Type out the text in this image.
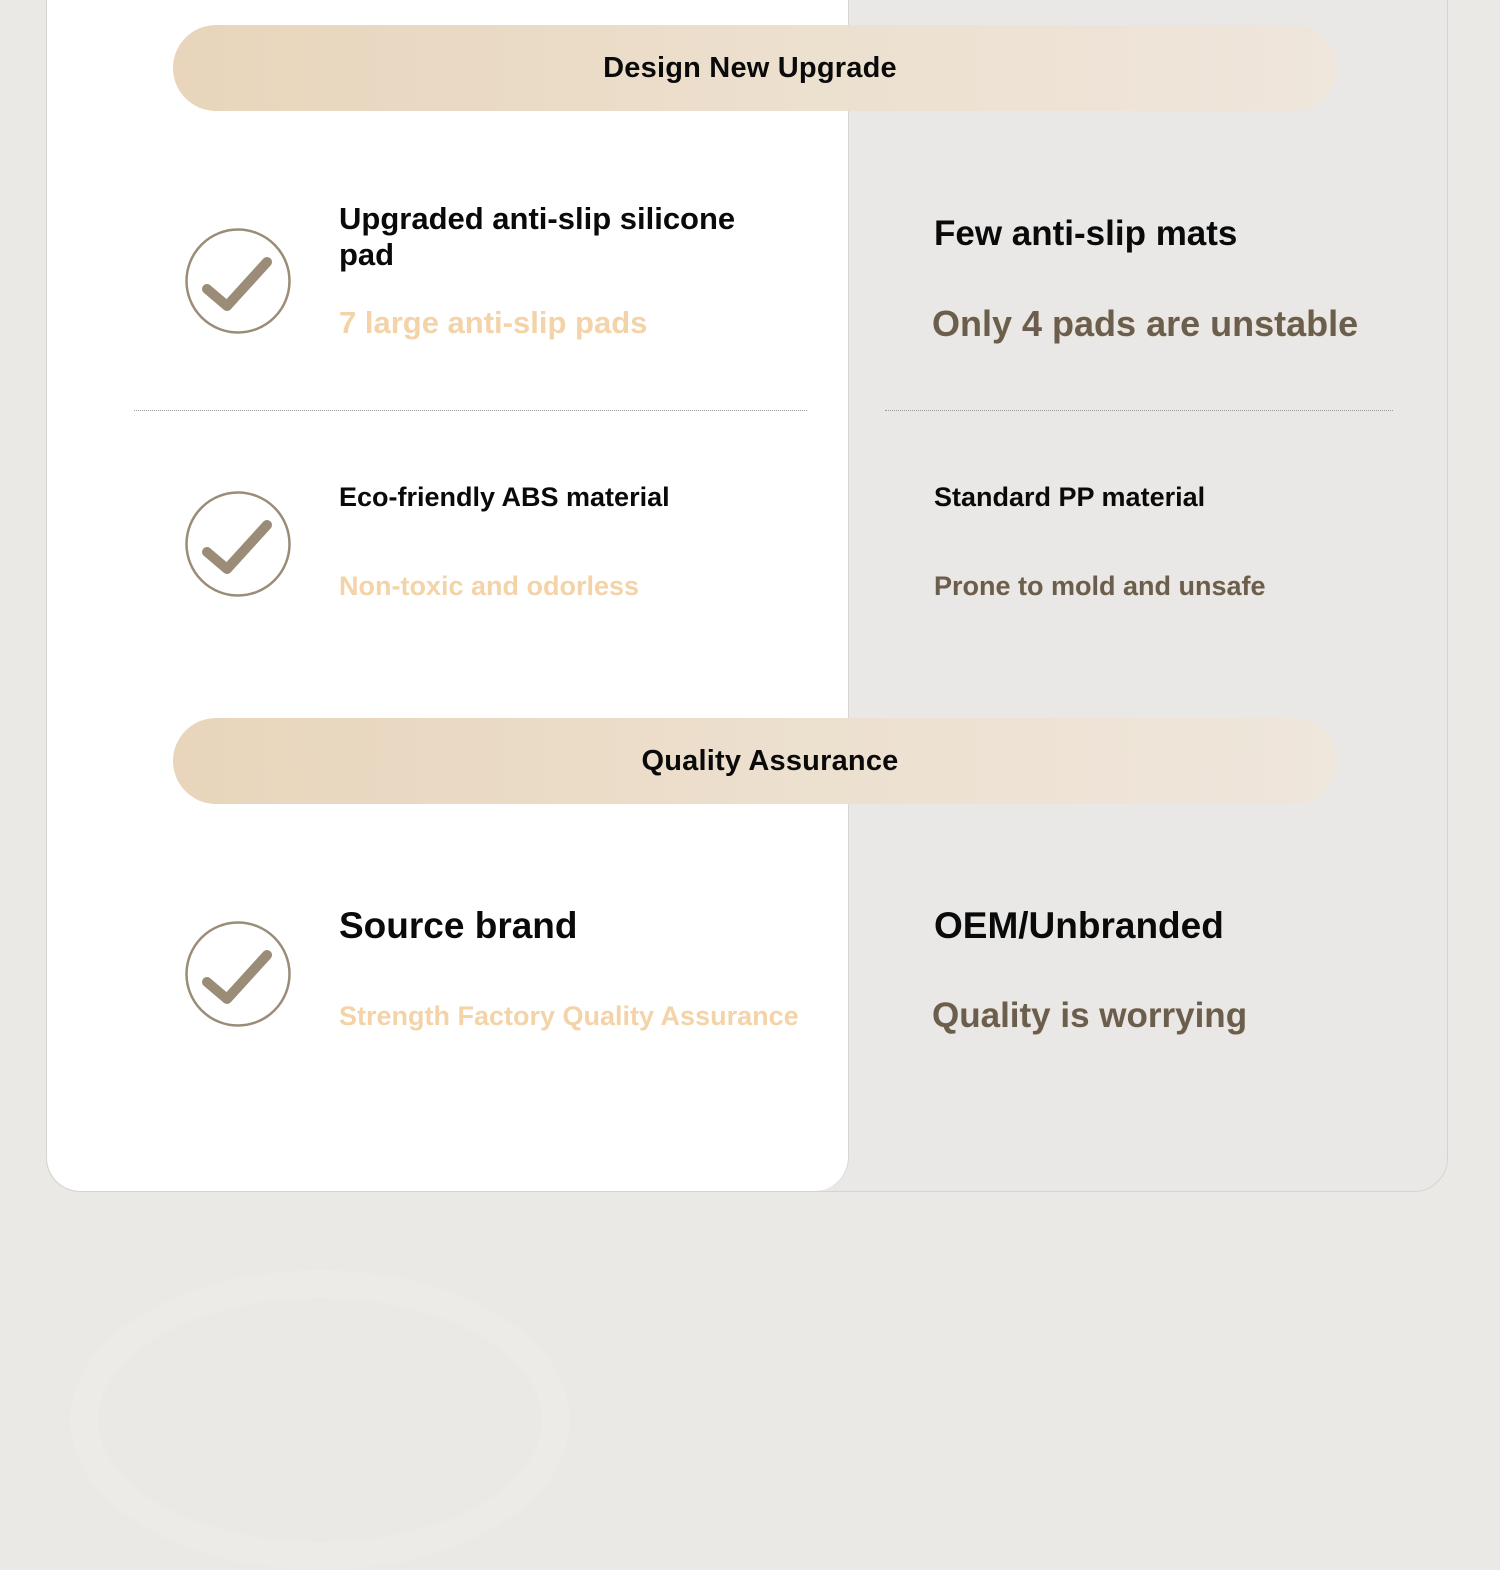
Design New Upgrade
Upgraded anti-slip silicone
pad
7 large anti-slip pads
Few anti-slip mats
Only 4 pads are unstable
Eco-friendly ABS material
Non-toxic and odorless
Standard PP material
Prone to mold and unsafe
Quality Assurance
Source brand
Strength Factory Quality Assurance
OEM/Unbranded
Quality is worrying
